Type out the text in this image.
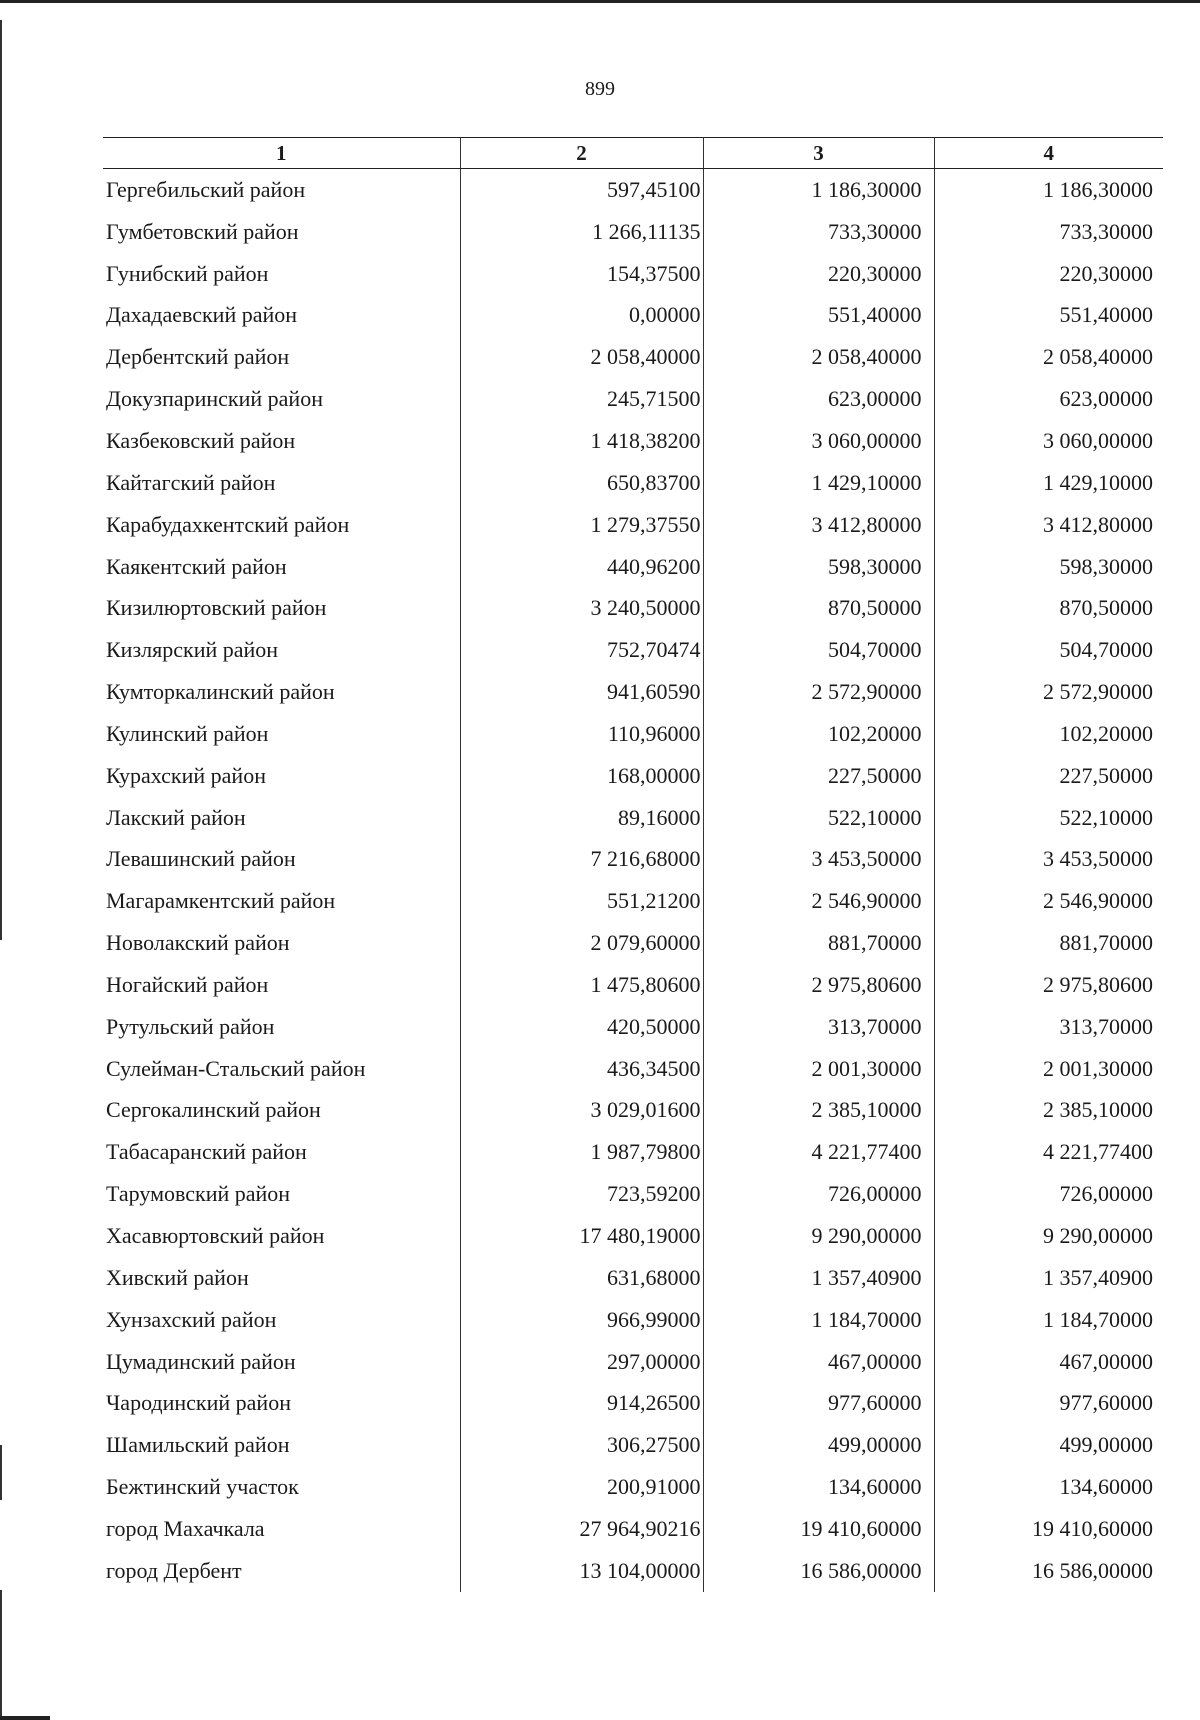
899
1	2	3	4
Гергебильский район	597,45100	1 186,30000	1 186,30000
Гумбетовский район	1 266,11135	733,30000	733,30000
Гунибский район	154,37500	220,30000	220,30000
Дахадаевский район	0,00000	551,40000	551,40000
Дербентский район	2 058,40000	2 058,40000	2 058,40000
Докузпаринский район	245,71500	623,00000	623,00000
Казбековский район	1 418,38200	3 060,00000	3 060,00000
Кайтагский район	650,83700	1 429,10000	1 429,10000
Карабудахкентский район	1 279,37550	3 412,80000	3 412,80000
Каякентский район	440,96200	598,30000	598,30000
Кизилюртовский район	3 240,50000	870,50000	870,50000
Кизлярский район	752,70474	504,70000	504,70000
Кумторкалинский район	941,60590	2 572,90000	2 572,90000
Кулинский район	110,96000	102,20000	102,20000
Курахский район	168,00000	227,50000	227,50000
Лакский район	89,16000	522,10000	522,10000
Левашинский район	7 216,68000	3 453,50000	3 453,50000
Магарамкентский район	551,21200	2 546,90000	2 546,90000
Новолакский район	2 079,60000	881,70000	881,70000
Ногайский район	1 475,80600	2 975,80600	2 975,80600
Рутульский район	420,50000	313,70000	313,70000
Сулейман-Стальский район	436,34500	2 001,30000	2 001,30000
Сергокалинский район	3 029,01600	2 385,10000	2 385,10000
Табасаранский район	1 987,79800	4 221,77400	4 221,77400
Тарумовский район	723,59200	726,00000	726,00000
Хасавюртовский район	17 480,19000	9 290,00000	9 290,00000
Хивский район	631,68000	1 357,40900	1 357,40900
Хунзахский район	966,99000	1 184,70000	1 184,70000
Цумадинский район	297,00000	467,00000	467,00000
Чародинский район	914,26500	977,60000	977,60000
Шамильский район	306,27500	499,00000	499,00000
Бежтинский участок	200,91000	134,60000	134,60000
город Махачкала	27 964,90216	19 410,60000	19 410,60000
город Дербент	13 104,00000	16 586,00000	16 586,00000
